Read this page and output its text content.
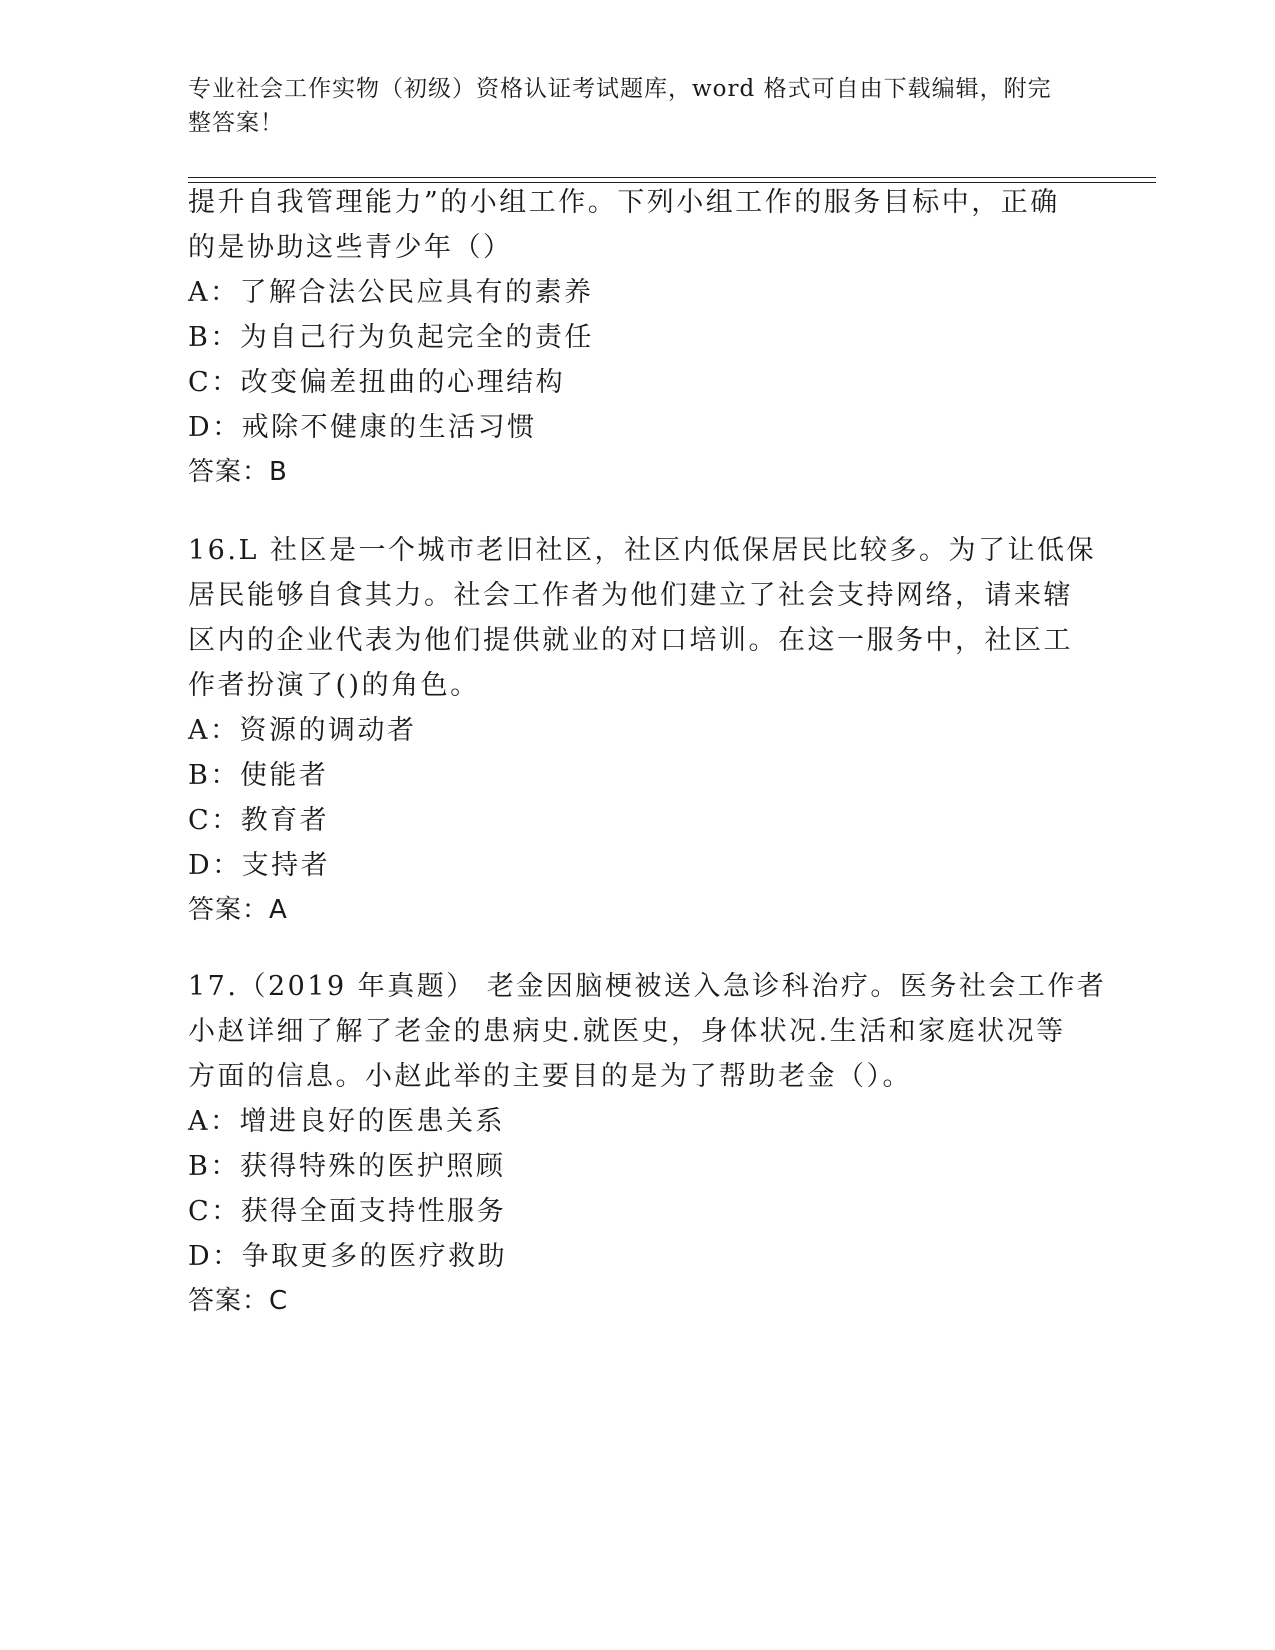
专业社会工作实物（初级）资格认证考试题库，word 格式可自由下载编辑，附完
整答案！
提升自我管理能力”的小组工作。下列小组工作的服务目标中，正确
的是协助这些青少年（）
A：了解合法公民应具有的素养
B：为自己行为负起完全的责任
C：改变偏差扭曲的心理结构
D：戒除不健康的生活习惯
答案：B
16.L 社区是一个城市老旧社区，社区内低保居民比较多。为了让低保
居民能够自食其力。社会工作者为他们建立了社会支持网络，请来辖
区内的企业代表为他们提供就业的对口培训。在这一服务中，社区工
作者扮演了()的角色。
A：资源的调动者
B：使能者
C：教育者
D：支持者
答案：A
17.（2019 年真题） 老金因脑梗被送入急诊科治疗。医务社会工作者
小赵详细了解了老金的患病史.就医史，身体状况.生活和家庭状况等
方面的信息。小赵此举的主要目的是为了帮助老金（）。
A：增进良好的医患关系
B：获得特殊的医护照顾
C：获得全面支持性服务
D：争取更多的医疗救助
答案：C
